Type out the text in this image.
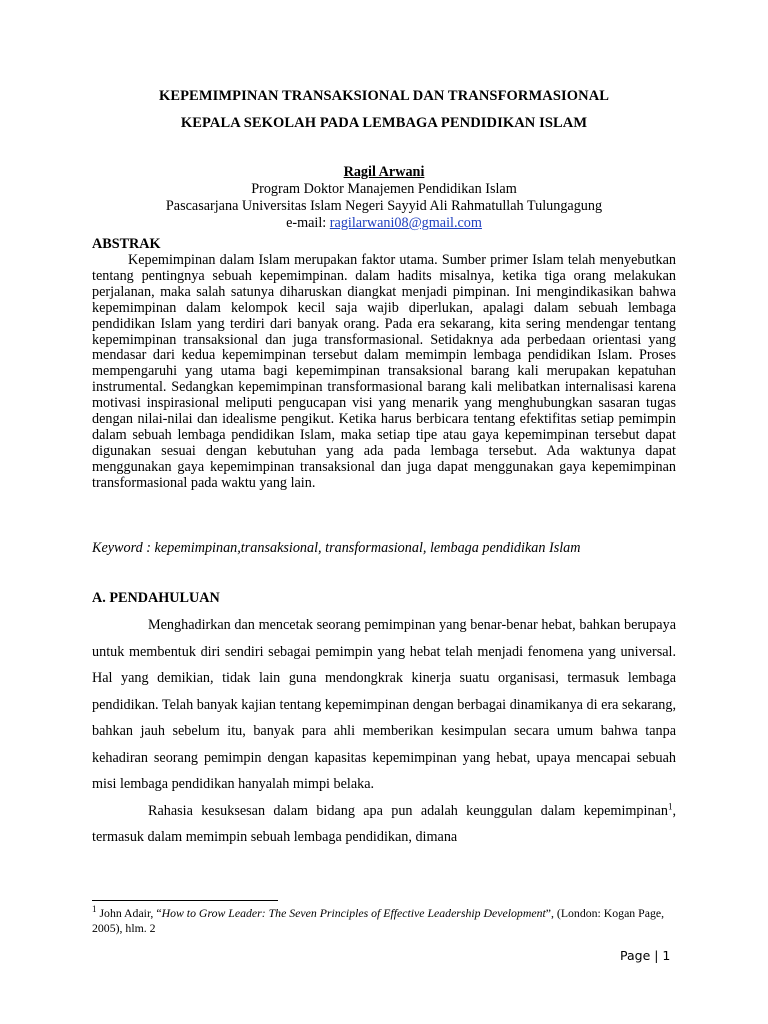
KEPEMIMPINAN TRANSAKSIONAL DAN TRANSFORMASIONAL
KEPALA SEKOLAH PADA LEMBAGA PENDIDIKAN ISLAM
Ragil Arwani
Program Doktor Manajemen Pendidikan Islam
Pascasarjana Universitas Islam Negeri Sayyid Ali Rahmatullah Tulungagung
e-mail: ragilarwani08@gmail.com
ABSTRAK

Kepemimpinan dalam Islam merupakan faktor utama. Sumber primer Islam telah menyebutkan tentang pentingnya sebuah kepemimpinan. dalam hadits misalnya, ketika tiga orang melakukan perjalanan, maka salah satunya diharuskan diangkat menjadi pimpinan. Ini mengindikasikan bahwa kepemimpinan dalam kelompok kecil saja wajib diperlukan, apalagi dalam sebuah lembaga pendidikan Islam yang terdiri dari banyak orang. Pada era sekarang, kita sering mendengar tentang kepemimpinan transaksional dan juga transformasional. Setidaknya ada perbedaan orientasi yang mendasar dari kedua kepemimpinan tersebut dalam memimpin lembaga pendidikan Islam. Proses mempengaruhi yang utama bagi kepemimpinan transaksional barang kali merupakan kepatuhan instrumental. Sedangkan kepemimpinan transformasional barang kali melibatkan internalisasi karena motivasi inspirasional meliputi pengucapan visi yang menarik yang menghubungkan sasaran tugas dengan nilai-nilai dan idealisme pengikut. Ketika harus berbicara tentang efektifitas setiap pemimpin dalam sebuah lembaga pendidikan Islam, maka setiap tipe atau gaya kepemimpinan tersebut dapat digunakan sesuai dengan kebutuhan yang ada pada lembaga tersebut. Ada waktunya dapat menggunakan gaya kepemimpinan transaksional dan juga dapat menggunakan gaya kepemimpinan transformasional pada waktu yang lain.

Keyword : kepemimpinan,transaksional, transformasional, lembaga pendidikan Islam
A. PENDAHULUAN

Menghadirkan dan mencetak seorang pemimpinan yang benar-benar hebat, bahkan berupaya untuk membentuk diri sendiri sebagai pemimpin yang hebat telah menjadi fenomena yang universal. Hal yang demikian, tidak lain guna mendongkrak kinerja suatu organisasi, termasuk lembaga pendidikan. Telah banyak kajian tentang kepemimpinan dengan berbagai dinamikanya di era sekarang, bahkan jauh sebelum itu, banyak para ahli memberikan kesimpulan secara umum bahwa tanpa kehadiran seorang pemimpin dengan kapasitas kepemimpinan yang hebat, upaya mencapai sebuah misi lembaga pendidikan hanyalah mimpi belaka.

Rahasia kesuksesan dalam bidang apa pun adalah keunggulan dalam kepemimpinan$^1$, termasuk dalam memimpin sebuah lembaga pendidikan, dimana

$^1$ John Adair, “How to Grow Leader: The Seven Principles of Effective Leadership Development”, (London: Kogan Page, 2005), hlm. 2

Page | 1
